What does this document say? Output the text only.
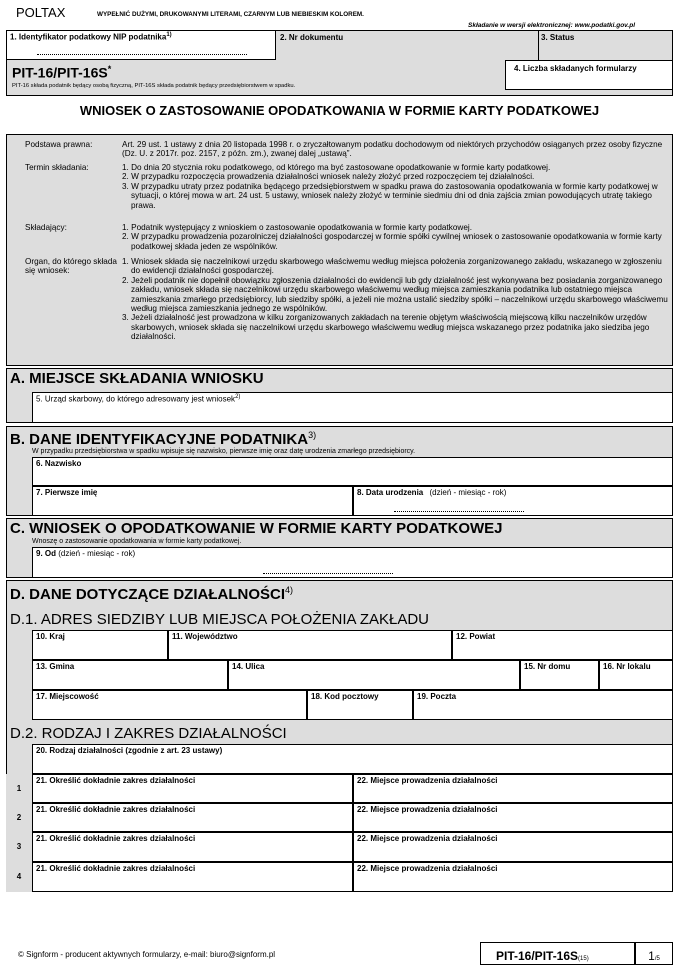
POLTAX	WYPEŁNIĆ DUŻYMI, DRUKOWANYMI LITERAMI, CZARNYM LUB NIEBIESKIM KOLOREM.
Składanie w wersji elektronicznej: www.podatki.gov.pl
1. Identyfikator podatkowy NIP podatnika$^{1)}$	2. Nr dokumentu	3. Status
PIT-16/PIT-16S*
PIT-16 składa podatnik będący osobą fizyczną, PIT-16S składa podatnik będący przedsiębiorstwem w spadku.
4. Liczba składanych formularzy
WNIOSEK O ZASTOSOWANIE OPODATKOWANIA W FORMIE KARTY PODATKOWEJ
Podstawa prawna:	Art. 29 ust. 1 ustawy z dnia 20 listopada 1998 r. o zryczałtowanym podatku dochodowym od niektórych przychodów osiąganych przez osoby fizyczne (Dz. U. z 2017r. poz. 2157, z późn. zm.), zwanej dalej „ustawą”.
Termin składania:	1. Do dnia 20 stycznia roku podatkowego, od którego ma być zastosowane opodatkowanie w formie karty podatkowej.
2. W przypadku rozpoczęcia prowadzenia działalności wniosek należy złożyć przed rozpoczęciem tej działalności.
3. W przypadku utraty przez podatnika będącego przedsiębiorstwem w spadku prawa do zastosowania opodatkowania w formie karty podatkowej w sytuacji, o której mowa w art. 24 ust. 5 ustawy, wniosek należy złożyć w terminie siedmiu dni od dnia zajścia zmian powodujących utratę takiego prawa.
Składający:	1. Podatnik występujący z wnioskiem o zastosowanie opodatkowania w formie karty podatkowej.
2. W przypadku prowadzenia pozarolniczej działalności gospodarczej w formie spółki cywilnej wniosek o zastosowanie opodatkowania w formie karty podatkowej składa jeden ze wspólników.
Organ, do którego składa się wniosek:
1. Wniosek składa się naczelnikowi urzędu skarbowego właściwemu według miejsca położenia zorganizowanego zakładu, wskazanego w zgłoszeniu do ewidencji działalności gospodarczej.
2. Jeżeli podatnik nie dopełnił obowiązku zgłoszenia działalności do ewidencji lub gdy działalność jest wykonywana bez posiadania zorganizowanego zakładu, wniosek składa się naczelnikowi urzędu skarbowego właściwemu według miejsca zamieszkania podatnika lub ostatniego miejsca zamieszkania zmarłego przedsiębiorcy, lub siedziby spółki, a jeżeli nie można ustalić siedziby spółki – naczelnikowi urzędu skarbowego właściwemu według miejsca zamieszkania jednego ze wspólników.
3. Jeżeli działalność jest prowadzona w kilku zorganizowanych zakładach na terenie objętym właściwością miejscową kilku naczelników urzędów skarbowych, wniosek składa się naczelnikowi urzędu skarbowego właściwemu według miejsca wskazanego przez podatnika jako siedziba jego działalności.
A. MIEJSCE SKŁADANIA WNIOSKU
5. Urząd skarbowy, do którego adresowany jest wniosek$^{2)}$
B. DANE IDENTYFIKACYJNE PODATNIKA$^{3)}$
W przypadku przedsiębiorstwa w spadku wpisuje się nazwisko, pierwsze imię oraz datę urodzenia zmarłego przedsiębiorcy.
6. Nazwisko
7. Pierwsze imię	8. Data urodzenia (dzień - miesiąc - rok)
C. WNIOSEK O OPODATKOWANIE W FORMIE KARTY PODATKOWEJ
Wnoszę o zastosowanie opodatkowania w formie karty podatkowej.
9. Od (dzień - miesiąc - rok)
D. DANE DOTYCZĄCE DZIAŁALNOŚCI$^{4)}$
D.1. ADRES SIEDZIBY LUB MIEJSCA POŁOŻENIA ZAKŁADU
10. Kraj	11. Województwo	12. Powiat
13. Gmina	14. Ulica	15. Nr domu	16. Nr lokalu
17. Miejscowość	18. Kod pocztowy	19. Poczta
D.2. RODZAJ I ZAKRES DZIAŁALNOŚCI
20. Rodzaj działalności (zgodnie z art. 23 ustawy)
1
21. Określić dokładnie zakres działalności	22. Miejsce prowadzenia działalności
2
21. Określić dokładnie zakres działalności	22. Miejsce prowadzenia działalności
3
21. Określić dokładnie zakres działalności	22. Miejsce prowadzenia działalności
4
21. Określić dokładnie zakres działalności	22. Miejsce prowadzenia działalności
© Signform - producent aktywnych formularzy, e-mail: biuro@signform.pl	PIT-16/PIT-16S(15)	1/5
